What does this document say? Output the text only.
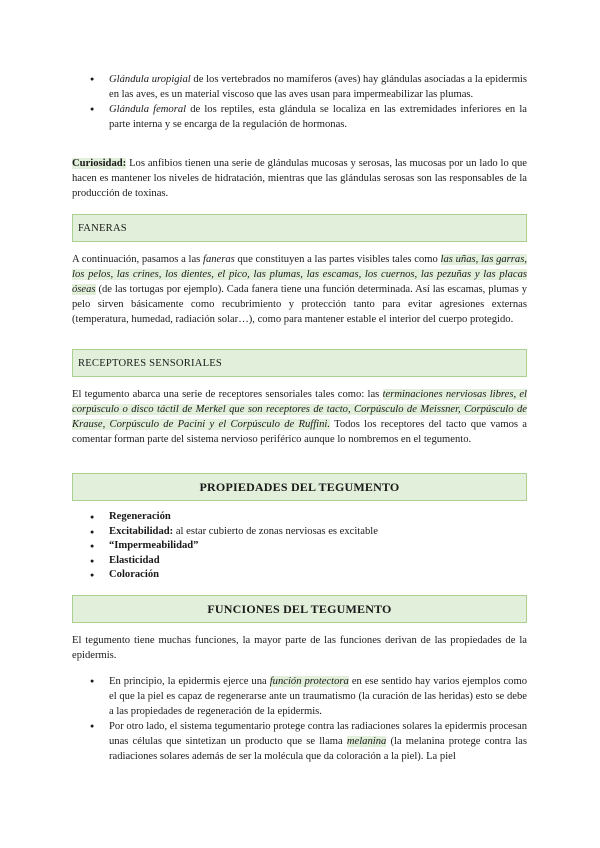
● Glándula uropigial de los vertebrados no mamíferos (aves) hay glándulas asociadas a la epidermis en las aves, es un material viscoso que las aves usan para impermeabilizar las plumas.
● Glándula femoral de los reptiles, esta glándula se localiza en las extremidades inferiores en la parte interna y se encarga de la regulación de hormonas.

Curiosidad: Los anfibios tienen una serie de glándulas mucosas y serosas, las mucosas por un lado lo que hacen es mantener los niveles de hidratación, mientras que las glándulas serosas son las responsables de la producción de toxinas.

FANERAS

A continuación, pasamos a las faneras que constituyen a las partes visibles tales como las uñas, las garras, los pelos, las crines, los dientes, el pico, las plumas, las escamas, los cuernos, las pezuñas y las placas óseas (de las tortugas por ejemplo). Cada fanera tiene una función determinada. Así las escamas, plumas y pelo sirven básicamente como recubrimiento y protección tanto para evitar agresiones externas (temperatura, humedad, radiación solar…), como para mantener estable el interior del cuerpo protegido.

RECEPTORES SENSORIALES

El tegumento abarca una serie de receptores sensoriales tales como: las terminaciones nerviosas libres, el corpúsculo o disco táctil de Merkel que son receptores de tacto, Corpúsculo de Meissner, Corpúsculo de Krause, Corpúsculo de Pacini y el Corpúsculo de Ruffini. Todos los receptores del tacto que vamos a comentar forman parte del sistema nervioso periférico aunque lo nombremos en el tegumento.

PROPIEDADES DEL TEGUMENTO
● Regeneración
● Excitabilidad: al estar cubierto de zonas nerviosas es excitable
● “Impermeabilidad”
● Elasticidad
● Coloración
FUNCIONES DEL TEGUMENTO

El tegumento tiene muchas funciones, la mayor parte de las funciones derivan de las propiedades de la epidermis.

● En principio, la epidermis ejerce una función protectora en ese sentido hay varios ejemplos como el que la piel es capaz de regenerarse ante un traumatismo (la curación de las heridas) esto se debe a las propiedades de regeneración de la epidermis.
● Por otro lado, el sistema tegumentario protege contra las radiaciones solares la epidermis procesan unas células que sintetizan un producto que se llama melanina (la melanina protege contra las radiaciones solares además de ser la molécula que da coloración a la piel). La piel
